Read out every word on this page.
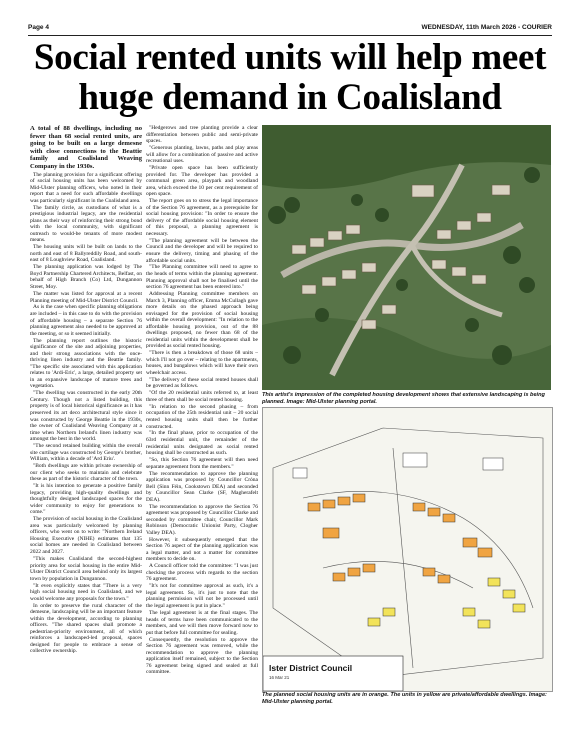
Page 4	WEDNESDAY, 11th March 2026 - COURIER
Social rented units will help meet huge demand in Coalisland

A total of 88 dwellings, including no fewer than 68 social rented units, are going to be built on a large demesne with close connections to the Beattie family and Coalisland Weaving Company in the 1930s.

The planning provision for a significant offering of social housing units has been welcomed by Mid-Ulster planning officers, who noted in their report that a need for such affordable dwellings was particularly significant in the Coalisland area.

The family circle, as custodians of what is a prestigious industrial legacy, are the residential plans as their way of reinforcing their strong bond with the local community, with significant outreach to would-be tenants of more modest means.

The housing units will be built on lands to the north and east of 8 Ballyreddily Road, and south-east of 8 Loughview Road, Coalisland.

The planning application was lodged by The Boyd Partnership Chartered Architects, Belfast, on behalf of High Branch (Co) Ltd, Dungannon Street, Moy.

The matter was listed for approval at a recent Planning meeting of Mid-Ulster District Council.

As is the case when specific planning obligations are included – in this case to do with the provision of affordable housing – a separate Section 76 planning agreement also needed to be approved at the meeting, or so it seemed initially.

The planning report outlines the historic significance of the site and adjoining properties, and their strong associations with the once-thriving linen industry and the Beattie family. "The specific site associated with this application relates to 'Ardi-Eric', a large, detailed property set in an expansive landscape of mature trees and vegetation.

"The dwelling was constructed in the early 20th Century. Though not a listed building, this property is of local historical significance as it has preserved its art deco architectural style since it was constructed by George Beattie in the 1930s, the owner of Coalisland Weaving Company at a time when Northern Ireland's linen industry was amongst the best in the world.

"The second retained building within the overall site curtilage was constructed by George's brother, William, within a decade of 'Ard Eriu'.

"Both dwellings are within private ownership of our client who seeks to maintain and celebrate these as part of the historic character of the town.

"It is his intention to generate a positive family legacy, providing high-quality dwellings and thoughtfully designed landscaped spaces for the wider community to enjoy for generations to come."

The provision of social housing in the Coalisland area was particularly welcomed by planning officers, who went on to write: "Northern Ireland Housing Executive (NIHE) estimates that 135 social homes are needed in Coalisland between 2022 and 2027.

"This makes Coalisland the second-highest priority area for social housing in the entire Mid-Ulster District Council area behind only its largest town by population in Dungannon.

"It even explicitly states that "There is a very high social housing need in Coalisland, and we would welcome any proposals for the town."

In order to preserve the rural character of the demesne, landscaping will be an important feature within the development, according to planning officers. "The shared spaces shall promote a pedestrian-priority environment, all of which reinforces a landscaped-led proposal, spaces designed for people to embrace a sense of collective ownership.

"Hedgerows and tree planting provide a clear differentiation between public and semi-private spaces.

"Generous planting, lawns, paths and play areas will allow for a combination of passive and active recreational uses.

"Private open space has been sufficiently provided for. The developer has provided a communal green area, playpark and woodland area, which exceed the 10 per cent requirement of open space.

The report goes on to stress the legal importance of the Section 76 agreement, as a prerequisite for social housing provision: "In order to ensure the delivery of the affordable social housing element of this proposal, a planning agreement is necessary.

"The planning agreement will be between the Council and the developer and will be required to ensure the delivery, timing and phasing of the affordable social units.

"The Planning committee will need to agree to the heads of terms within the planning agreement. Planning approval shall not be finalised until the section 76 agreement has been entered into."

Addressing Planning committee members on March 3, Planning officer, Emma McCullagh gave more details on the phased approach being envisaged for the provision of social housing within the overall development: "In relation to the affordable housing provision, out of the 88 dwellings proposed, no fewer than 68 of the residential units within the development shall be provided as social rented housing.

"There is then a breakdown of those 68 units – which I'll not go over – relating to the apartments, houses, and bungalows which will have their own wheelchair access.

"The delivery of these social rented houses shall be governed as follows.

"Of the 20 residential units referred to, at least three of them shall be social rented housing.

"In relation to the second phasing – from occupation of the 25th residential unit – 20 social rented housing units shall then be further constructed.

"In the final phase, prior to occupation of the 63rd residential unit, the remainder of the residential units designated as social rented housing shall be constructed as such.

"So, this Section 76 agreement will then need separate agreement from the members."

The recommendation to approve the planning application was proposed by Councillor Cróna Bell (Sinn Féin, Cookstown DEA) and seconded by Councillor Sean Clarke (SF, Magherafelt DEA).

The recommendation to approve the Section 76 agreement was proposed by Councillor Clarke and seconded by committee chair, Councillor Mark Robinson (Democratic Unionist Party, Clogher Valley DEA).

However, it subsequently emerged that the Section 76 aspect of the planning application was a legal matter, and not a matter for committee members to decide on.

A Council officer told the committee: "I was just checking the process with regards to the section 76 agreement.

"It's not for committee approval as such, it's a legal agreement. So, it's just to note that the planning permission will not be processed until the legal agreement is put in place."

The legal agreement is at the final stages. The heads of terms have been communicated to the members, and we will then move forward now to put that before full committee for sealing.

Consequently, the resolution to approve the Section 76 agreement was removed, while the recommendation to approve the planning application itself remained, subject to the Section 76 agreement being signed and sealed at full committee.

This artist's impression of the completed housing development shows that extensive landscaping is being planned. Image: Mid-Ulster planning portal.
lster District Council
16 Mar 21
The planned social housing units are in orange. The units in yellow are private/affordable dwellings. Image: Mid-Ulster planning portal.
